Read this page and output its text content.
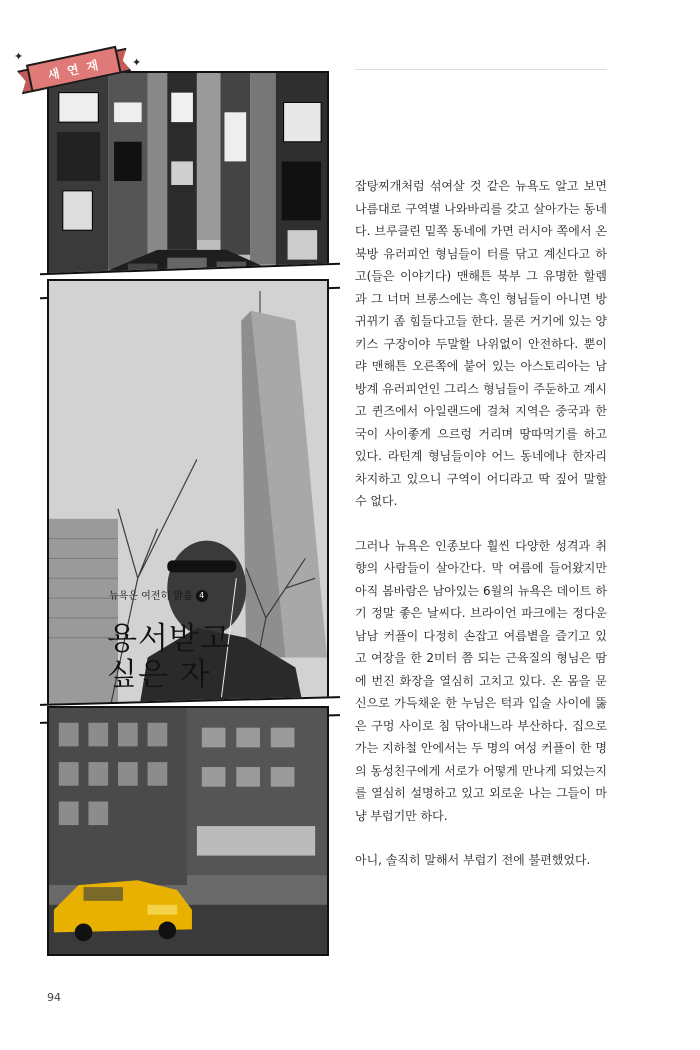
뉴욕은 여전히 맑음 4
용서받고
싶은 자
새 연 재
✦	✦

잡탕찌개처럼 섞여살 것 같은 뉴욕도 알고 보면 나름대로 구역별 나와바리를 갖고 살아가는 동네다. 브루클린 밑쪽 동네에 가면 러시아 쪽에서 온 북방 유러피언 형님들이 터를 닦고 계신다고 하고(들은 이야기다) 맨해튼 북부 그 유명한 할렘과 그 너머 브롱스에는 흑인 형님들이 아니면 방귀뀌기 좀 힘들다고들 한다. 물론 거기에 있는 양키스 구장이야 두말할 나위없이 안전하다. 뿐이랴 맨해튼 오른쪽에 붙어 있는 아스토리아는 남방계 유러피언인 그리스 형님들이 주둔하고 계시고 퀸즈에서 아일랜드에 걸쳐 지역은 중국과 한국이 사이좋게 으르렁 거리며 땅따먹기를 하고 있다. 라틴계 형님들이야 어느 동네에나 한자리 차지하고 있으니 구역이 어디라고 딱 짚어 말할 수 없다.

그러나 뉴욕은 인종보다 훨씬 다양한 성격과 취향의 사람들이 살아간다. 막 여름에 들어왔지만 아직 봄바람은 남아있는 6월의 뉴욕은 데이트 하기 정말 좋은 날씨다. 브라이언 파크에는 정다운 남남 커플이 다정히 손잡고 여름볕을 즐기고 있고 여장을 한 2미터 쯤 되는 근육질의 형님은 땀에 번진 화장을 열심히 고치고 있다. 온 몸을 문신으로 가득채운 한 누님은 턱과 입술 사이에 뚫은 구멍 사이로 침 닦아내느라 부산하다. 집으로 가는 지하철 안에서는 두 명의 여성 커플이 한 명의 동성친구에게 서로가 어떻게 만나게 되었는지를 열심히 설명하고 있고 외로운 나는 그들이 마냥 부럽기만 하다.

아니, 솔직히 말해서 부럽기 전에 불편했었다.

94
